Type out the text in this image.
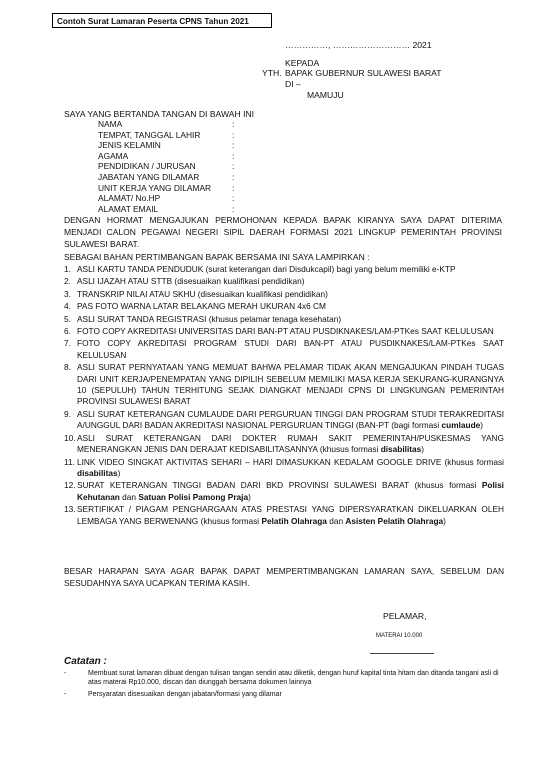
Contoh Surat Lamaran Peserta CPNS Tahun 2021
……………, ……………………… 2021
KEPADA
YTH. BAPAK GUBERNUR SULAWESI BARAT
DI –
MAMUJU
SAYA YANG BERTANDA TANGAN DI BAWAH INI
NAMA	:
TEMPAT, TANGGAL LAHIR	:
JENIS KELAMIN	:
AGAMA	:
PENDIDIKAN / JURUSAN	:
JABATAN YANG DILAMAR	:
UNIT KERJA YANG DILAMAR	:
ALAMAT/ No.HP	:
ALAMAT EMAIL	:
DENGAN HORMAT MENGAJUKAN PERMOHONAN KEPADA BAPAK KIRANYA SAYA DAPAT DITERIMA MENJADI CALON PEGAWAI NEGERI SIPIL DAERAH FORMASI 2021 LINGKUP PEMERINTAH PROVINSI SULAWESI BARAT.
SEBAGAI BAHAN PERTIMBANGAN BAPAK BERSAMA INI SAYA LAMPIRKAN :
1. ASLI KARTU TANDA PENDUDUK (surat keterangan dari Disdukcapil) bagi yang belum memiliki e-KTP
2. ASLI IJAZAH ATAU STTB (disesuaikan kualifikasi pendidikan)
3. TRANSKRIP NILAI ATAU SKHU (disesuaikan kualifikasi pendidikan)
4. PAS FOTO WARNA LATAR BELAKANG MERAH UKURAN 4x6 CM
5. ASLI SURAT TANDA REGISTRASI (khusus pelamar tenaga kesehatan)
6. FOTO COPY AKREDITASI UNIVERSITAS DARI BAN-PT ATAU PUSDIKNAKES/LAM-PTKes SAAT KELULUSAN
7. FOTO COPY AKREDITASI PROGRAM STUDI DARI BAN-PT ATAU PUSDIKNAKES/LAM-PTKes SAAT KELULUSAN
8. ASLI SURAT PERNYATAAN YANG MEMUAT BAHWA PELAMAR TIDAK AKAN MENGAJUKAN PINDAH TUGAS DARI UNIT KERJA/PENEMPATAN YANG DIPILIH SEBELUM MEMILIKI MASA KERJA SEKURANG-KURANGNYA 10 (SEPULUH) TAHUN TERHITUNG SEJAK DIANGKAT MENJADI CPNS DI LINGKUNGAN PEMERINTAH PROVINSI SULAWESI BARAT
9. ASLI SURAT KETERANGAN CUMLAUDE DARI PERGURUAN TINGGI DAN PROGRAM STUDI TERAKREDITASI A/UNGGUL DARI BADAN AKREDITASI NASIONAL PERGURUAN TINGGI (BAN-PT (bagi formasi cumlaude)
10. ASLI SURAT KETERANGAN DARI DOKTER RUMAH SAKIT PEMERINTAH/PUSKESMAS YANG MENERANGKAN JENIS DAN DERAJAT KEDISABILITASANNYA (khusus formasi disabilitas)
11. LINK VIDEO SINGKAT AKTIVITAS SEHARI – HARI DIMASUKKAN KEDALAM GOOGLE DRIVE (khusus formasi disabilitas)
12. SURAT KETERANGAN TINGGI BADAN DARI BKD PROVINSI SULAWESI BARAT (khusus formasi Polisi Kehutanan dan Satuan Polisi Pamong Praja)
13. SERTIFIKAT / PIAGAM PENGHARGAAN ATAS PRESTASI YANG DIPERSYARATKAN DIKELUARKAN OLEH LEMBAGA YANG BERWENANG (khusus formasi Pelatih Olahraga dan Asisten Pelatih Olahraga)
BESAR HARAPAN SAYA AGAR BAPAK DAPAT MEMPERTIMBANGKAN LAMARAN SAYA, SEBELUM DAN SESUDAHNYA SAYA UCAPKAN TERIMA KASIH.
PELAMAR,
MATERAI 10.000
Catatan :
-	Membuat surat lamaran dibuat dengan tulisan tangan sendiri atau diketik, dengan huruf kapital tinta hitam dan ditanda tangani asli di atas materai Rp10.000, discan dan diunggah bersama dokumen lainnya
-	Persyaratan disesuaikan dengan jabatan/formasi yang dilamar
